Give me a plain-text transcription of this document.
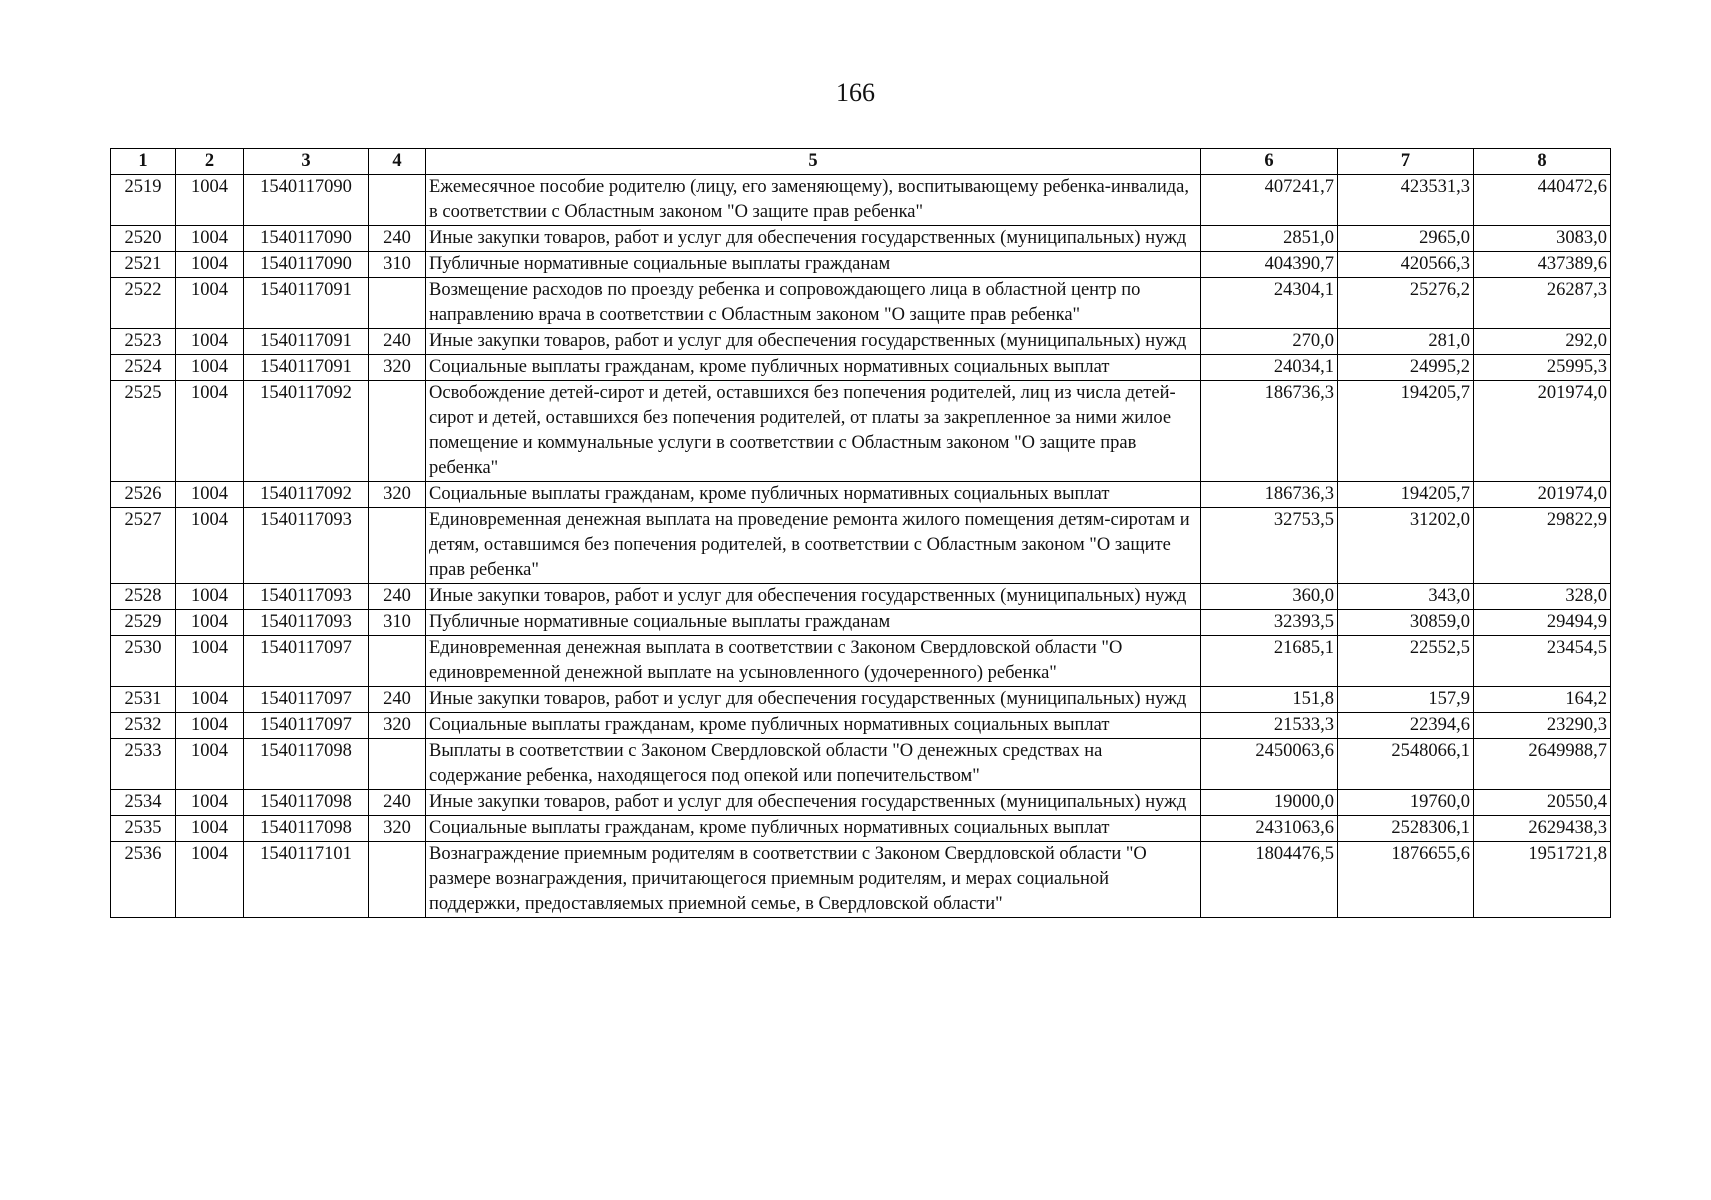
166
1	2	3	4	5	6	7	8
2519	1004	1540117090		Ежемесячное пособие родителю (лицу, его заменяющему), воспитывающему ребенка-инвалида, в соответствии с Областным законом "О защите прав ребенка"	407241,7	423531,3	440472,6
2520	1004	1540117090	240	Иные закупки товаров, работ и услуг для обеспечения государственных (муниципальных) нужд	2851,0	2965,0	3083,0
2521	1004	1540117090	310	Публичные нормативные социальные выплаты гражданам	404390,7	420566,3	437389,6
2522	1004	1540117091		Возмещение расходов по проезду ребенка и сопровождающего лица в областной центр по направлению врача в соответствии с Областным законом "О защите прав ребенка"	24304,1	25276,2	26287,3
2523	1004	1540117091	240	Иные закупки товаров, работ и услуг для обеспечения государственных (муниципальных) нужд	270,0	281,0	292,0
2524	1004	1540117091	320	Социальные выплаты гражданам, кроме публичных нормативных социальных выплат	24034,1	24995,2	25995,3
2525	1004	1540117092		Освобождение детей-сирот и детей, оставшихся без попечения родителей, лиц из числа детей-сирот и детей, оставшихся без попечения родителей, от платы за закрепленное за ними жилое помещение и коммунальные услуги в соответствии с Областным законом "О защите прав ребенка"	186736,3	194205,7	201974,0
2526	1004	1540117092	320	Социальные выплаты гражданам, кроме публичных нормативных социальных выплат	186736,3	194205,7	201974,0
2527	1004	1540117093		Единовременная денежная выплата на проведение ремонта жилого помещения детям-сиротам и детям, оставшимся без попечения родителей, в соответствии с Областным законом "О защите прав ребенка"	32753,5	31202,0	29822,9
2528	1004	1540117093	240	Иные закупки товаров, работ и услуг для обеспечения государственных (муниципальных) нужд	360,0	343,0	328,0
2529	1004	1540117093	310	Публичные нормативные социальные выплаты гражданам	32393,5	30859,0	29494,9
2530	1004	1540117097		Единовременная денежная выплата в соответствии с Законом Свердловской области "О единовременной денежной выплате на усыновленного (удочеренного) ребенка"	21685,1	22552,5	23454,5
2531	1004	1540117097	240	Иные закупки товаров, работ и услуг для обеспечения государственных (муниципальных) нужд	151,8	157,9	164,2
2532	1004	1540117097	320	Социальные выплаты гражданам, кроме публичных нормативных социальных выплат	21533,3	22394,6	23290,3
2533	1004	1540117098		Выплаты в соответствии с Законом Свердловской области "О денежных средствах на содержание ребенка, находящегося под опекой или попечительством"	2450063,6	2548066,1	2649988,7
2534	1004	1540117098	240	Иные закупки товаров, работ и услуг для обеспечения государственных (муниципальных) нужд	19000,0	19760,0	20550,4
2535	1004	1540117098	320	Социальные выплаты гражданам, кроме публичных нормативных социальных выплат	2431063,6	2528306,1	2629438,3
2536	1004	1540117101		Вознаграждение приемным родителям в соответствии с Законом Свердловской области "О размере вознаграждения, причитающегося приемным родителям, и мерах социальной поддержки, предоставляемых приемной семье, в Свердловской области"	1804476,5	1876655,6	1951721,8
